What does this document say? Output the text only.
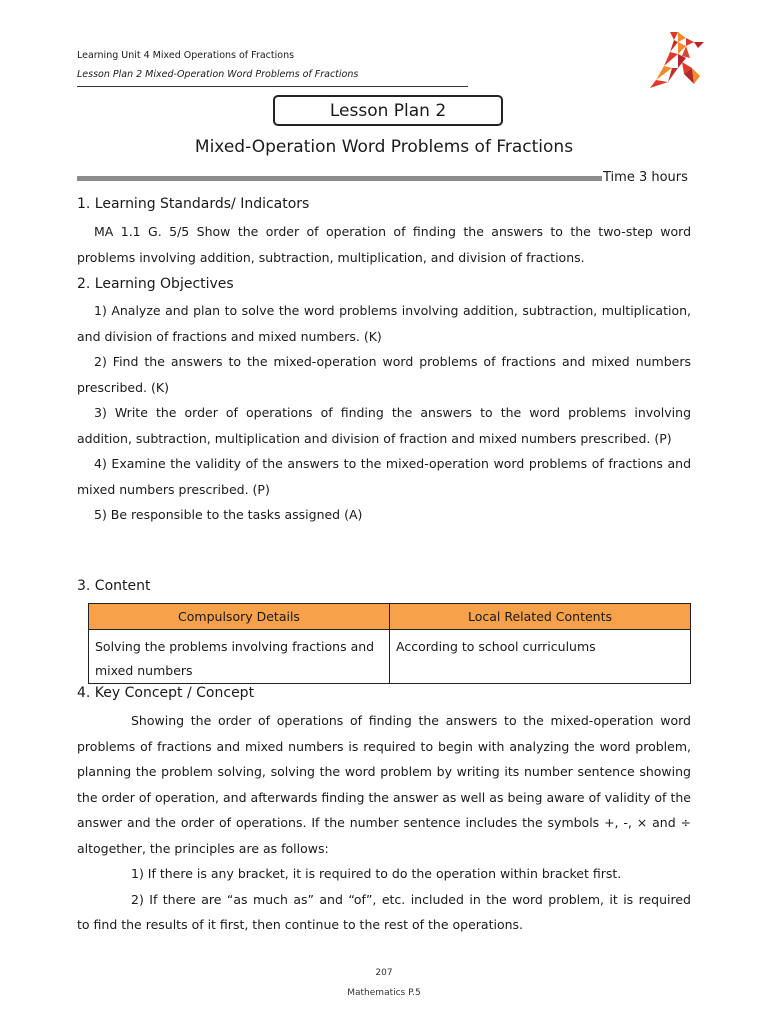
Learning Unit 4 Mixed Operations of Fractions
Lesson Plan 2 Mixed-Operation Word Problems of Fractions
Lesson Plan 2
Mixed-Operation Word Problems of Fractions
Time 3 hours
1. Learning Standards/ Indicators
MA 1.1 G. 5/5 Show the order of operation of finding the answers to the two-step word
problems involving addition, subtraction, multiplication, and division of fractions.
2. Learning Objectives
1) Analyze and plan to solve the word problems involving addition, subtraction, multiplication,
and division of fractions and mixed numbers. (K)
2) Find the answers to the mixed-operation word problems of fractions and mixed numbers
prescribed. (K)
3) Write the order of operations of finding the answers to the word problems involving
addition, subtraction, multiplication and division of fraction and mixed numbers prescribed. (P)
4) Examine the validity of the answers to the mixed-operation word problems of fractions and
mixed numbers prescribed. (P)
5) Be responsible to the tasks assigned (A)
3. Content
Compulsory Details	Local Related Contents
Solving the problems involving fractions and mixed numbers	According to school curriculums
4. Key Concept / Concept
Showing the order of operations of finding the answers to the mixed-operation word
problems of fractions and mixed numbers is required to begin with analyzing the word problem,
planning the problem solving, solving the word problem by writing its number sentence showing
the order of operation, and afterwards finding the answer as well as being aware of validity of the
answer and the order of operations. If the number sentence includes the symbols +, -, × and ÷
altogether, the principles are as follows:
1) If there is any bracket, it is required to do the operation within bracket first.
2) If there are “as much as” and “of”, etc. included in the word problem, it is required
to find the results of it first, then continue to the rest of the operations.
207
Mathematics P.5
